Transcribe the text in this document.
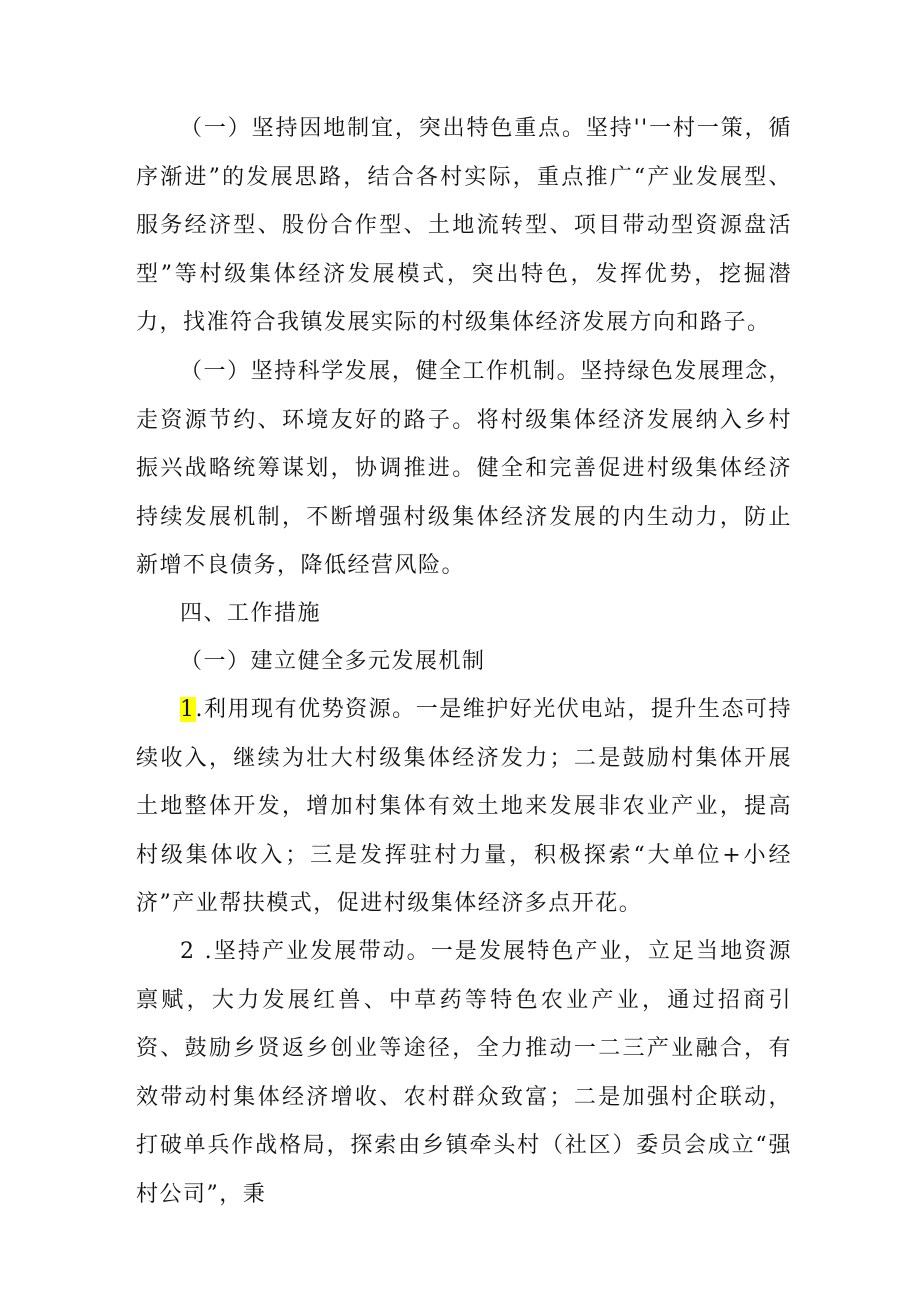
（一）坚持因地制宜，突出特色重点。坚持''一村一策，循序渐进”的发展思路，结合各村实际，重点推广“产业发展型、服务经济型、股份合作型、土地流转型、项目带动型资源盘活型”等村级集体经济发展模式，突出特色，发挥优势，挖掘潜力，找准符合我镇发展实际的村级集体经济发展方向和路子。

（一）坚持科学发展，健全工作机制。坚持绿色发展理念，走资源节约、环境友好的路子。将村级集体经济发展纳入乡村振兴战略统筹谋划，协调推进。健全和完善促进村级集体经济持续发展机制，不断增强村级集体经济发展的内生动力，防止新增不良债务，降低经营风险。

四、工作措施

（一）建立健全多元发展机制

1.利用现有优势资源。一是维护好光伏电站，提升生态可持续收入，继续为壮大村级集体经济发力；二是鼓励村集体开展土地整体开发，增加村集体有效土地来发展非农业产业，提高村级集体收入；三是发挥驻村力量，积极探索“大单位+小经济”产业帮扶模式，促进村级集体经济多点开花。

2 .坚持产业发展带动。一是发展特色产业，立足当地资源禀赋，大力发展红兽、中草药等特色农业产业，通过招商引资、鼓励乡贤返乡创业等途径，全力推动一二三产业融合，有效带动村集体经济增收、农村群众致富；二是加强村企联动，打破单兵作战格局，探索由乡镇牵头村（社区）委员会成立“强村公司”，秉
